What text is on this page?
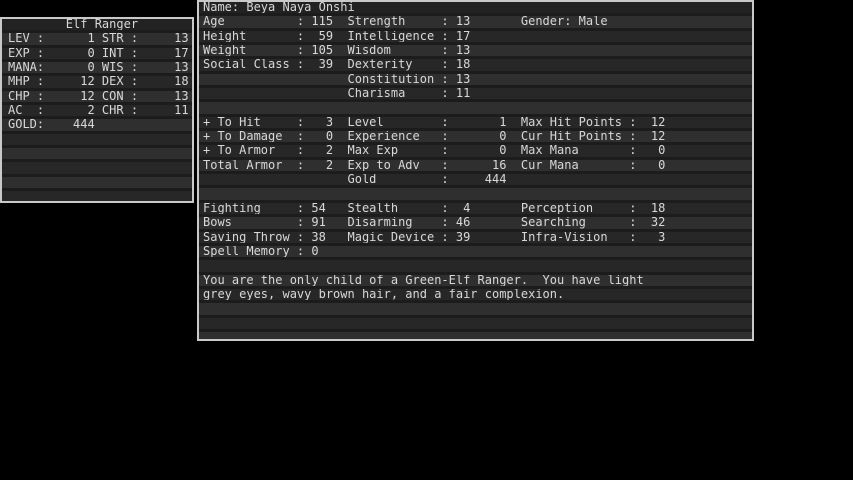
Elf Ranger
LEV :      1 STR :     13
EXP :      0 INT :     17
MANA:      0 WIS :     13
MHP :     12 DEX :     18
CHP :     12 CON :     13
AC  :      2 CHR :     11
GOLD:    444
Name: Beya Naya Onshi
Age          : 115  Strength     : 13       Gender: Male
Height       :  59  Intelligence : 17
Weight       : 105  Wisdom       : 13
Social Class :  39  Dexterity    : 18
Constitution : 13
Charisma     : 11
+ To Hit     :   3  Level        :       1  Max Hit Points :  12
+ To Damage  :   0  Experience   :       0  Cur Hit Points :  12
+ To Armor   :   2  Max Exp      :       0  Max Mana       :   0
Total Armor  :   2  Exp to Adv   :      16  Cur Mana       :   0
Gold         :     444
Fighting     : 54   Stealth      :  4       Perception     :  18
Bows         : 91   Disarming    : 46       Searching      :  32
Saving Throw : 38   Magic Device : 39       Infra-Vision   :   3
Spell Memory : 0
You are the only child of a Green-Elf Ranger.  You have light
grey eyes, wavy brown hair, and a fair complexion.
